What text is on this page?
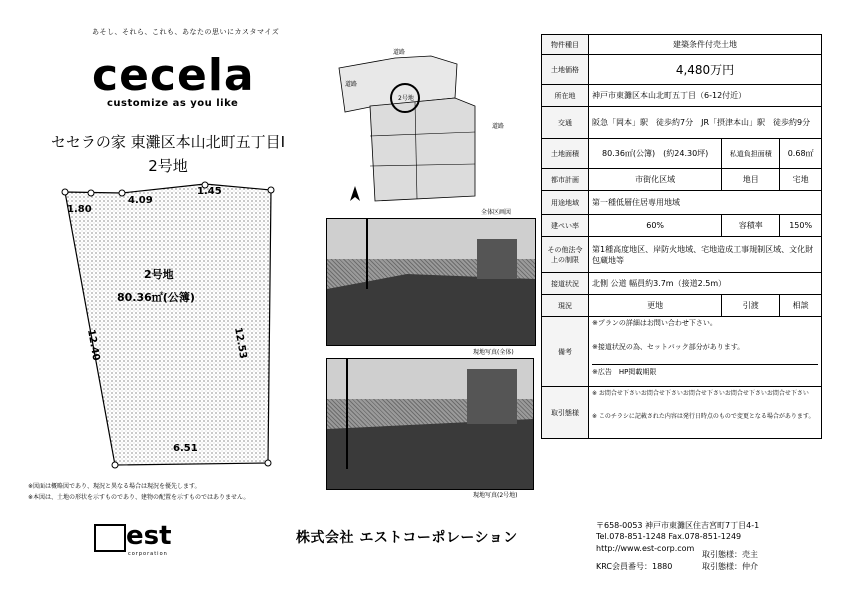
あそし、それら、これも、あなたの思いにカスタマイズ
cecela
customize as you like
セセラの家 東灘区本山北町五丁目Ⅰ
2号地
1.80
4.09
1.45
12.53
12.40
6.51
2号地
80.36㎡(公簿)
※図面は概略図であり、現況と異なる場合は現況を優先します。
※本図は、土地の形状を示すものであり、建物の配置を示すものではありません。
道路
2号地
道路
道路
全体区画図
現地写真(全体)
現地写真(2号地)
物件種目	建築条件付売土地		
土地価格	4,480万円		
所在地	神戸市東灘区本山北町五丁目（6-12付近）		
交通	阪急「岡本」駅　徒歩約7分　JR「摂津本山」駅　徒歩約9分		
土地面積	80.36㎡(公簿)　(約24.30坪)	私道負担面積	0.68㎡
都市計画	市街化区域	地目	宅地
用途地域	第一種低層住居専用地域		
建ぺい率	60%	容積率	150%
その他法令上の制限	第1種高度地区、岸防火地域、宅地造成工事規制区域、文化財包蔵地等		
接道状況	北側 公道 幅員約3.7m（接道2.5m）		
現況	更地	引渡	相談
備考	※プランの詳細はお問い合わせ下さい。
※接道状況の為、セットバック部分があります。
※広告　HP掲載期限		

取引態様	※ お問合せ下さいお問合せ下さいお問合せ下さいお問合せ下さいお問合せ下さい
※ このチラシに記載された内容は発行日時点のもので変更となる場合があります。		
est
corporation
株式会社 エストコーポレーション
〒658-0053 神戸市東灘区住吉宮町7丁目4-1
Tel.078-851-1248 Fax.078-851-1249
http://www.est-corp.com
KRC会員番号：1880
取引態様：売主
取引態様：仲介
